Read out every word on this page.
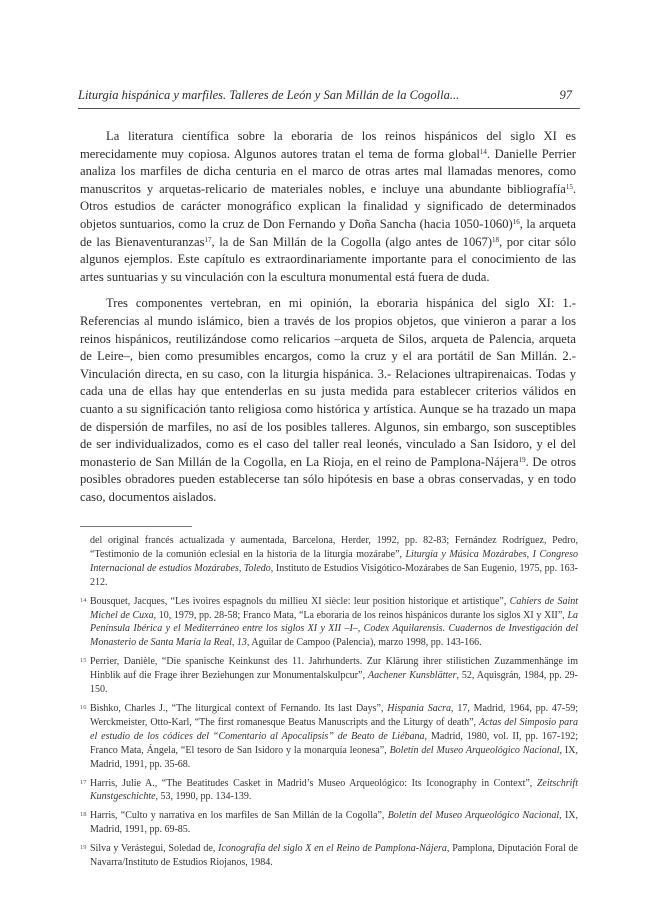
Liturgia hispánica y marfiles. Talleres de León y San Millán de la Cogolla...	97

La literatura científica sobre la eboraria de los reinos hispánicos del siglo XI es merecidamente muy copiosa. Algunos autores tratan el tema de forma global$^{14}$. Danielle Perrier analiza los marfiles de dicha centuria en el marco de otras artes mal llamadas menores, como manuscritos y arquetas-relicario de materiales nobles, e incluye una abundante bibliografía$^{15}$. Otros estudios de carácter monográfico explican la finalidad y significado de determinados objetos suntuarios, como la cruz de Don Fernando y Doña Sancha (hacia 1050-1060)$^{16}$, la arqueta de las Bienaventuranzas$^{17}$, la de San Millán de la Cogolla (algo antes de 1067)$^{18}$, por citar sólo algunos ejemplos. Este capítulo es extraordinariamente importante para el conocimiento de las artes suntuarias y su vinculación con la escultura monumental está fuera de duda.

Tres componentes vertebran, en mi opinión, la eboraria hispánica del siglo XI: 1.- Referencias al mundo islámico, bien a través de los propios objetos, que vinieron a parar a los reinos hispánicos, reutilizándose como relicarios –arqueta de Silos, arqueta de Palencia, arqueta de Leire–, bien como presumibles encargos, como la cruz y el ara portátil de San Millán. 2.- Vinculación directa, en su caso, con la liturgia hispánica. 3.- Relaciones ultrapirenaicas. Todas y cada una de ellas hay que entenderlas en su justa medida para establecer criterios válidos en cuanto a su significación tanto religiosa como histórica y artística. Aunque se ha trazado un mapa de dispersión de marfiles, no así de los posibles talleres. Algunos, sin embargo, son susceptibles de ser individualizados, como es el caso del taller real leonés, vinculado a San Isidoro, y el del monasterio de San Millán de la Cogolla, en La Rioja, en el reino de Pamplona-Nájera$^{19}$. De otros posibles obradores pueden establecerse tan sólo hipótesis en base a obras conservadas, y en todo caso, documentos aislados.

del original francés actualizada y aumentada, Barcelona, Herder, 1992, pp. 82-83; Fernández Rodríguez, Pedro, “Testimonio de la comunión eclesial en la historia de la liturgia mozárabe”, Liturgia y Música Mozárabes, I Congreso Internacional de estudios Mozárabes, Toledo, Instituto de Estudios Visigótico-Mozárabes de San Eugenio, 1975, pp. 163-212.
14 Bousquet, Jacques, “Les ivoires espagnols du millieu XI siècle: leur position historique et artistique”, Cahiers de Saint Michel de Cuxa, 10, 1979, pp. 28-58; Franco Mata, “La eboraria de los reinos hispánicos durante los siglos XI y XII”, La Península Ibérica y el Mediterráneo entre los siglos XI y XII –I–, Codex Aquilarensis. Cuadernos de Investigación del Monasterio de Santa María la Real, 13, Aguilar de Campoo (Palencia), marzo 1998, pp. 143-166.
15 Perrier, Danièle, “Die spanische Keinkunst des 11. Jahrhunderts. Zur Klärung ihrer stilistichen Zuzammenhänge im Hinblik auf die Frage ihrer Beziehungen zur Monumentalskulpcur”, Aachener Kunsblätter, 52, Aquisgrán, 1984, pp. 29-150.
16 Bishko, Charles J., “The liturgical context of Fernando. Its last Days”, Hispania Sacra, 17, Madrid, 1964, pp. 47-59; Werckmeister, Otto-Karl, “The first romanesque Beatus Manuscripts and the Liturgy of death”, Actas del Simposio para el estudio de los códices del “Comentario al Apocalipsis” de Beato de Liébana, Madrid, 1980, vol. II, pp. 167-192; Franco Mata, Ángela, “El tesoro de San Isidoro y la monarquía leonesa”, Boletín del Museo Arqueológico Nacional, IX, Madrid, 1991, pp. 35-68.
17 Harris, Julie A., “The Beatitudes Casket in Madrid’s Museo Arqueológico: Its Iconography in Context”, Zeitschrift Kunstgeschichte, 53, 1990, pp. 134-139.
18 Harris, “Culto y narrativa en los marfiles de San Millán de la Cogolla”, Boletín del Museo Arqueológico Nacional, IX, Madrid, 1991, pp. 69-85.
19 Silva y Verástegui, Soledad de, Iconografía del siglo X en el Reino de Pamplona-Nájera, Pamplona, Diputación Foral de Navarra/Instituto de Estudios Riojanos, 1984.
